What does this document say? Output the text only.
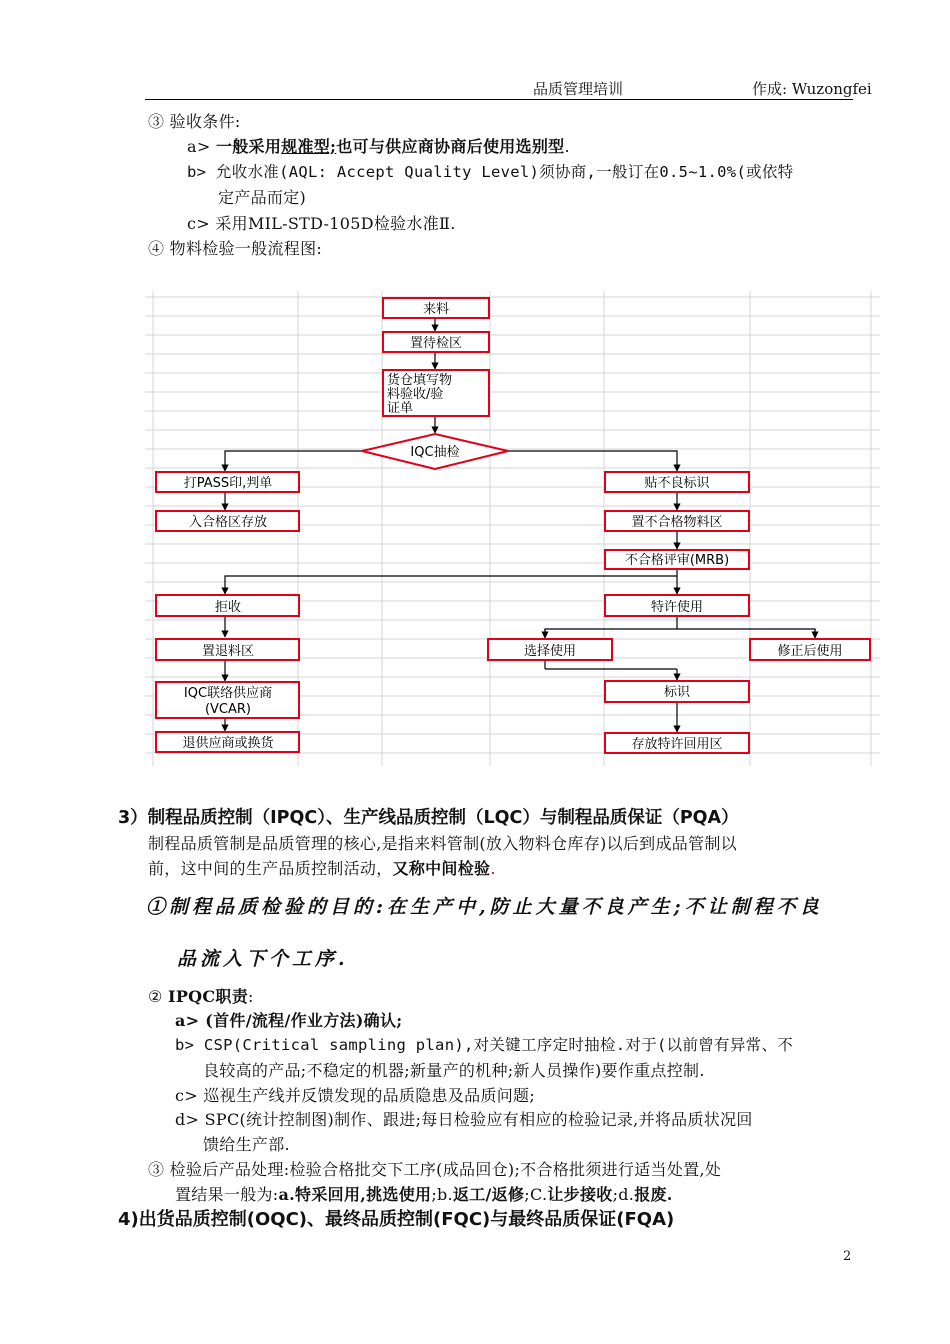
品质管理培训	作成: Wuzongfei
③ 验收条件:
a> 一般采用规准型;也可与供应商协商后使用选别型.
b> 允收水准(AQL: Accept Quality Level)须协商,一般订在0.5~1.0%(或依特
定产品而定)
c> 采用MIL-STD-105D检验水准Ⅱ.
④ 物料检验一般流程图:
来料
置待检区
货仓填写物
料验收/验
证单
IQC抽检
打PASS印,判单
入合格区存放
贴不良标识
置不合格物料区
不合格评审(MRB)
拒收	特许使用
置退料区	选择使用	修正后使用
IQC联络供应商
(VCAR)
标识
退供应商或换货	存放特许回用区
3）制程品质控制（IPQC）、生产线品质控制（LQC）与制程品质保证（PQA）
制程品质管制是品质管理的核心,是指来料管制(放入物料仓库存)以后到成品管制以
前，这中间的生产品质控制活动，又称中间检验.
①制程品质检验的目的:在生产中,防止大量不良产生;不让制程不良
品流入下个工序.
② IPQC职责:
a> (首件/流程/作业方法)确认;
b> CSP(Critical sampling plan),对关键工序定时抽检.对于(以前曾有异常、不
良较高的产品;不稳定的机器;新量产的机种;新人员操作)要作重点控制.
c> 巡视生产线并反馈发现的品质隐患及品质问题;
d> SPC(统计控制图)制作、跟进;每日检验应有相应的检验记录,并将品质状况回
馈给生产部.
③ 检验后产品处理:检验合格批交下工序(成品回仓);不合格批须进行适当处置,处
置结果一般为:a.特采回用,挑选使用;b.返工/返修;C.让步接收;d.报废.
4)出货品质控制(OQC)、最终品质控制(FQC)与最终品质保证(FQA)
2
